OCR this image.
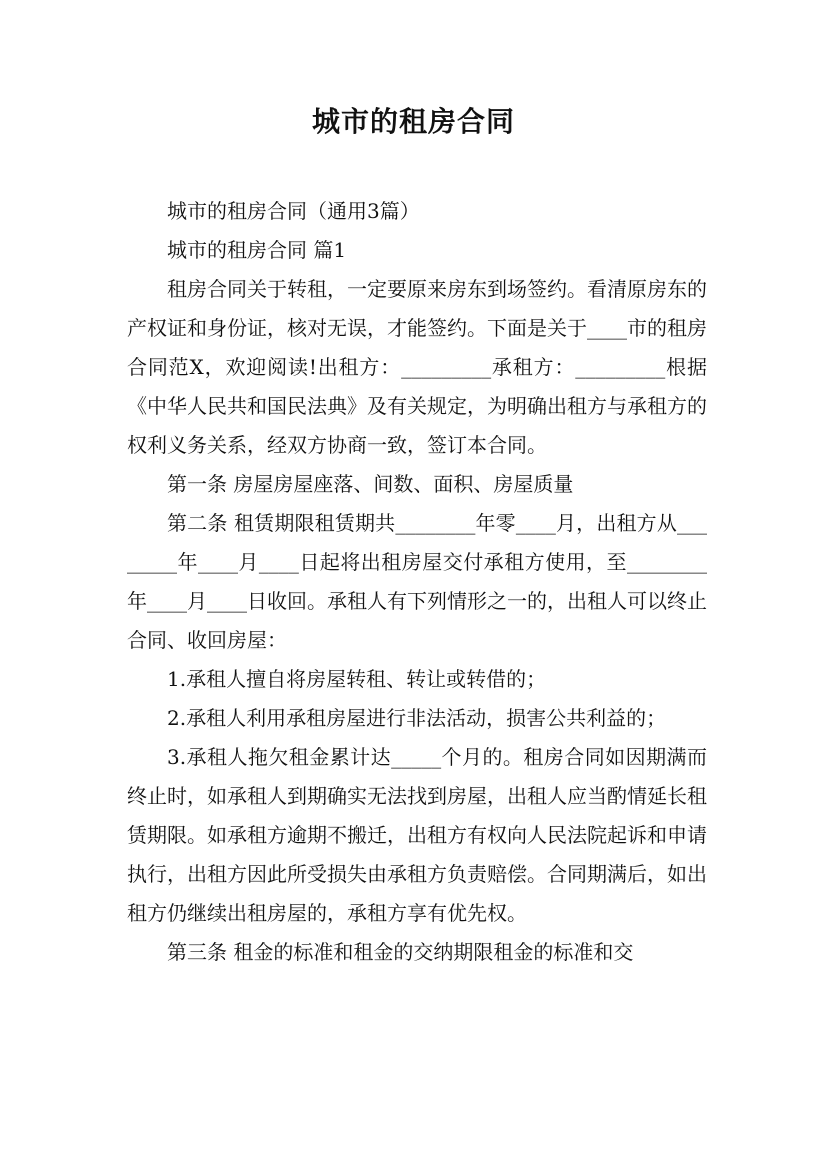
城市的租房合同

城市的租房合同（通用3篇）

城市的租房合同 篇1

租房合同关于转租，一定要原来房东到场签约。看清原房东的产权证和身份证，核对无误，才能签约。下面是关于____市的租房合同范X，欢迎阅读!出租方：_________承租方：_________根据《中华人民共和国民法典》及有关规定，为明确出租方与承租方的权利义务关系，经双方协商一致，签订本合同。

第一条 房屋房屋座落、间数、面积、房屋质量

第二条 租赁期限租赁期共________年零____月，出租方从________年____月____日起将出租房屋交付承租方使用，至________年____月____日收回。承租人有下列情形之一的，出租人可以终止合同、收回房屋：

1.承租人擅自将房屋转租、转让或转借的；

2.承租人利用承租房屋进行非法活动，损害公共利益的；

3.承租人拖欠租金累计达_____个月的。租房合同如因期满而终止时，如承租人到期确实无法找到房屋，出租人应当酌情延长租赁期限。如承租方逾期不搬迁，出租方有权向人民法院起诉和申请执行，出租方因此所受损失由承租方负责赔偿。合同期满后，如出租方仍继续出租房屋的，承租方享有优先权。

第三条 租金的标准和租金的交纳期限租金的标准和交
